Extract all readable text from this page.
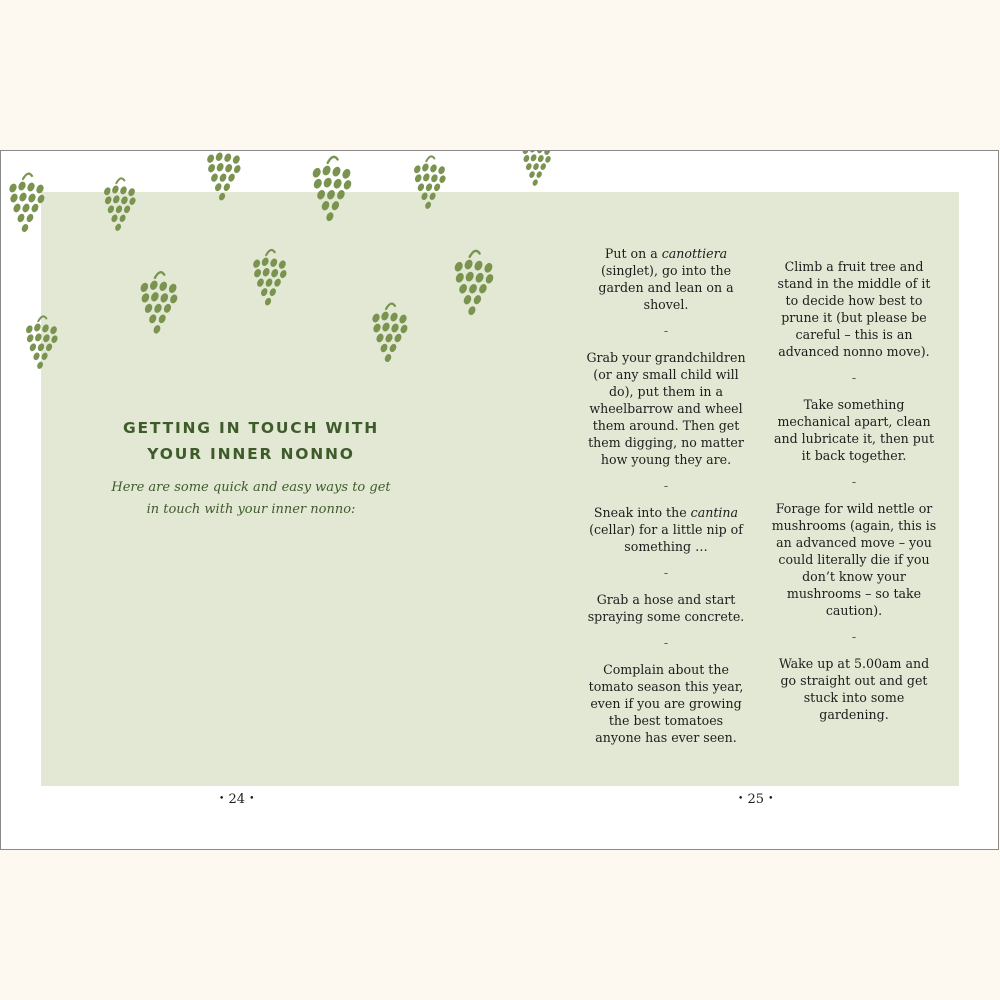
GETTING IN TOUCH WITH
YOUR INNER NONNO
Here are some quick and easy ways to get
in touch with your inner nonno:

Put on a canottiera (singlet), go into the garden and lean on a shovel.

-

Grab your grandchildren (or any small child will do), put them in a wheelbarrow and wheel them around. Then get them digging, no matter how young they are.

-

Sneak into the cantina (cellar) for a little nip of something …

-

Grab a hose and start spraying some concrete.

-

Complain about the tomato season this year, even if you are growing the best tomatoes anyone has ever seen.

Climb a fruit tree and stand in the middle of it to decide how best to prune it (but please be careful – this is an advanced nonno move).

-

Take something mechanical apart, clean and lubricate it, then put it back together.

-

Forage for wild nettle or mushrooms (again, this is an advanced move – you could literally die if you don’t know your mushrooms – so take caution).

-

Wake up at 5.00am and go straight out and get stuck into some gardening.

• 24 •	• 25 •
